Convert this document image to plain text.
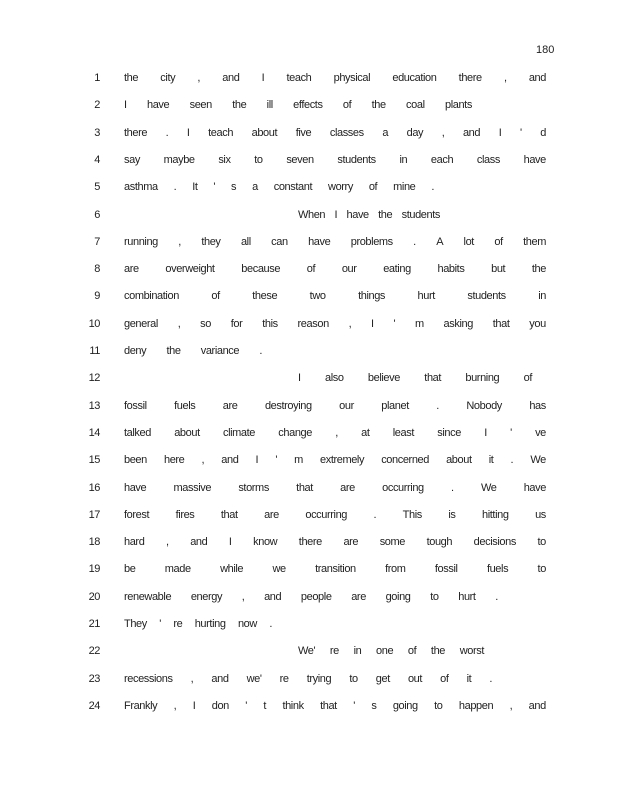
180
1 the city , and I teach physical education there , and
2 I have seen the ill effects of the coal plants
3 there . I teach about five classes a day , and I ' d
4 say maybe six to seven students in each class have
5 asthma . It ' s a constant worry of mine .
6	When I have the students
7 running , they all can have problems . A lot of them
8 are overweight because of our eating habits but the
9 combination	of	these	two	things	hurt	students	in
10 general , so for this reason , I ' m asking that you
11 deny the variance .
12	I also believe that burning of
13 fossil fuels are destroying our planet . Nobody has
14 talked about climate change , at least since I ' ve
15 been here , and I ' m extremely concerned about it . We
16 have massive storms that are occurring . We have
17 forest fires that are occurring . This is hitting us
18 hard , and I know there are some tough decisions to
19 be	made	while	we	transition	from	fossil	fuels	to
20 renewable energy , and people are going to hurt .
21 They ' re hurting now .
22	We' re in one of the worst
23 recessions , and we' re trying to get out of it .
24 Frankly , I don ' t think that ' s going to happen , and
